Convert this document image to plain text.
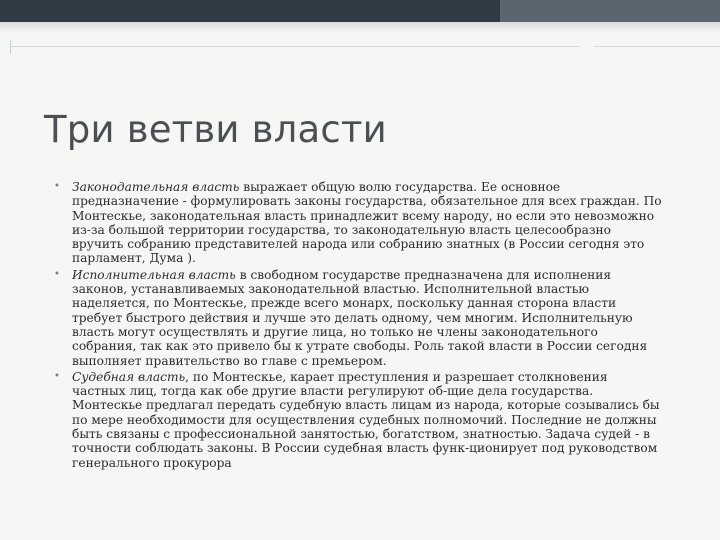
Три ветви власти
• Законодательная власть выражает общую волю государства. Ее основное предназначение - формулировать законы государства, обязательное для всех граждан. По Монтескье, законодательная власть принадлежит всему народу, но если это невозможно из-за большой территории государства, то законодательную власть целесообразно вручить собранию представителей народа или собранию знатных (в России сегодня это парламент, Дума ).
• Исполнительная власть в свободном государстве предназначена для исполнения законов, устанавливаемых законодательной властью. Исполнительной властью наделяется, по Монтескье, прежде всего монарх, поскольку данная сторона власти требует быстрого действия и лучше это делать одному, чем многим. Исполнительную власть могут осуществлять и другие лица, но только не члены законодательного собрания, так как это привело бы к утрате свободы. Роль такой власти в России сегодня выполняет правительство во главе с премьером.
• Судебная власть, по Монтескье, карает преступления и разрешает столкновения частных лиц, тогда как обе другие власти регулируют об-щие дела государства. Монтескье предлагал передать судебную власть лицам из народа, которые созывались бы по мере необходимости для осуществления судебных полномочий. Последние не должны быть связаны с профессиональной занятостью, богатством, знатностью. Задача судей - в точности соблюдать законы. В России судебная власть функ-ционирует под руководством генерального прокурора
